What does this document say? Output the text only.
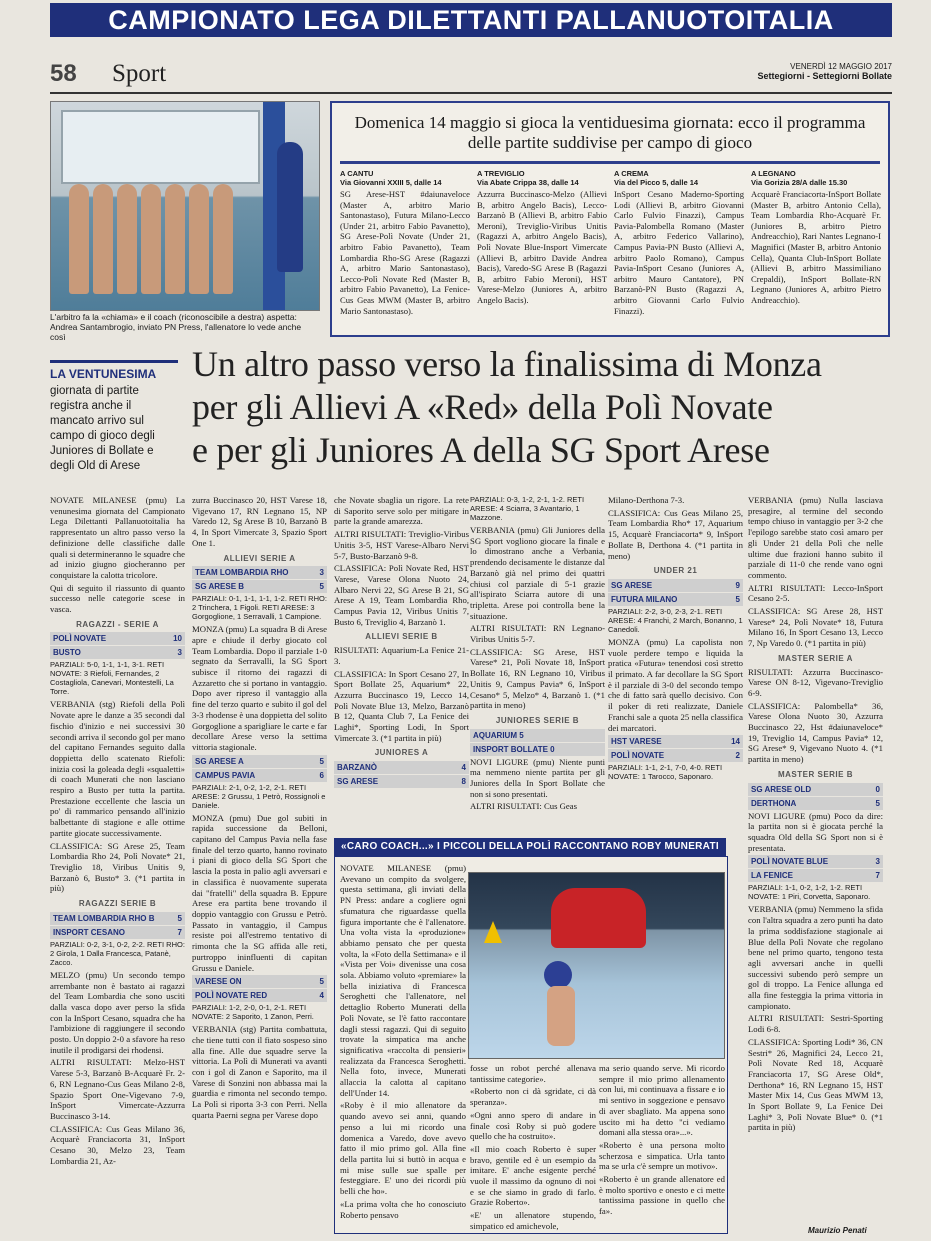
CAMPIONATO LEGA DILETTANTI PALLANUOTOITALIA
58 Sport	VENERDÌ 12 MAGGIO 2017
Settegiorni - Settegiorni Bollate
L'arbitro fa la «chiama» e il coach (riconoscibile a destra) aspetta: Andrea Santambrogio, inviato PN Press, l'allenatore lo vede anche così
Domenica 14 maggio si gioca la ventiduesima giornata: ecco il programma delle partite suddivise per campo di gioco
A CANTU
Via Giovanni XXIII 5, dalle 14
SG Arese-HST #daiunaveloce (Master A, arbitro Mario Santonastaso), Futura Milano-Lecco (Under 21, arbitro Fabio Pavanetto), SG Arese-Polì Novate (Under 21, arbitro Fabio Pavanetto), Team Lombardia Rho-SG Arese (Ragazzi A, arbitro Mario Santonastaso), Lecco-Polì Novate Red (Master B, arbitro Fabio Pavanetto), La Fenice-Cus Geas MWM (Master B, arbitro Mario Santonastaso).
A TREVIGLIO
Via Abate Crippa 38, dalle 14
Azzurra Buccinasco-Melzo (Allievi B, arbitro Angelo Bacis), Lecco-Barzanò B (Allievi B, arbitro Fabio Meroni), Treviglio-Viribus Unitis (Ragazzi A, arbitro Angelo Bacis), Polì Novate Blue-Insport Vimercate (Allievi B, arbitro Davide Andrea Bacis), Varedo-SG Arese B (Ragazzi B, arbitro Fabio Meroni), HST Varese-Melzo (Juniores A, arbitro Angelo Bacis).
A CREMA
Via del Picco 5, dalle 14
InSport Cesano Maderno-Sporting Lodi (Allievi B, arbitro Giovanni Carlo Fulvio Finazzi), Campus Pavia-Palombella Romano (Master A, arbitro Federico Vallarino), Campus Pavia-PN Busto (Allievi A, arbitro Paolo Romano), Campus Pavia-InSport Cesano (Juniores A, arbitro Mauro Cantatore), PN Barzanò-PN Busto (Ragazzi A, arbitro Giovanni Carlo Fulvio Finazzi).
A LEGNANO
Via Gorizia 28/A dalle 15.30
Acquarè Franciacorta-InSport Bollate (Master B, arbitro Antonio Cella), Team Lombardia Rho-Acquarè Fr. (Juniores B, arbitro Pietro Andreacchio), Rari Nantes Legnano-I Magnifici (Master B, arbitro Antonio Cella), Quanta Club-InSport Bollate (Allievi B, arbitro Massimiliano Crepaldi), InSport Bollate-RN Legnano (Juniores A, arbitro Pietro Andreacchio).
LA VENTUNESIMA
giornata di partite registra anche il mancato arrivo sul campo di gioco degli Juniores di Bollate e degli Old di Arese
Un altro passo verso la finalissima di Monza
per gli Allievi A «Red» della Polì Novate
e per gli Juniores A della SG Sport Arese

NOVATE MILANESE (pmu) La venunesima giornata del Campionato Lega Dilettanti Pallanuotoitalia ha rappresentato un altro passo verso la definizione delle classifiche dalle quali si determineranno le squadre che ad inizio giugno giocheranno per conquistare la calotta tricolore.

Qui di seguito il riassunto di quanto successo nelle categorie scese in vasca.

RAGAZZI - SERIE A
POLÌ NOVATE	10
BUSTO	3
PARZIALI: 5-0, 1-1, 1-1, 3-1. RETI NOVATE: 3 Riefoli, Fernandes, 2 Costagliola, Canevari, Montestelli, La Torre.

VERBANIA (stg) Riefoli della Polì Novate apre le danze a 35 secondi dal fischio d'inizio e nei successivi 30 secondi arriva il secondo gol per mano del capitano Fernandes seguito dalla doppietta dello scatenato Riefoli: inizia così la goleada degli «squaletti» di coach Munerati che non lasciano respiro a Busto per tutta la partita. Prestazione eccellente che lascia un po' di rammarico pensando all'inizio balbettante di stagione e alle ottime partite giocate successivamente.

CLASSIFICA: SG Arese 25, Team Lombardia Rho 24, Polì Novate* 21, Treviglio 18, Viribus Unitis 9, Barzanò 6, Busto* 3. (*1 partita in più)

RAGAZZI SERIE B
TEAM LOMBARDIA RHO B	5
INSPORT CESANO	7
PARZIALI: 0-2, 3-1, 0-2, 2-2. RETI RHO: 2 Girola, 1 Dalla Francesca, Patanè, Zacco.

MELZO (pmu) Un secondo tempo arrembante non è bastato ai ragazzi del Team Lombardia che sono usciti dalla vasca dopo aver perso la sfida con la InSport Cesano, squadra che ha l'ambizione di raggiungere il secondo posto. Un doppio 2-0 a sfavore ha reso inutile il prodigarsi dei rhodensi.

ALTRI RISULTATI: Melzo-HST Varese 5-3, Barzanò B-Acquarè Fr. 2-6, RN Legnano-Cus Geas Milano 2-8, Spazio Sport One-Vigevano 7-9, InSport Vimercate-Azzurra Buccinasco 3-14.

CLASSIFICA: Cus Geas Milano 36, Acquarè Franciacorta 31, InSport Cesano 30, Melzo 23, Team Lombardia 21, Az-

zurra Buccinasco 20, HST Varese 18, Vigevano 17, RN Legnano 15, NP Varedo 12, Sg Arese B 10, Barzanò B 4, In Sport Vimercate 3, Spazio Sport One 1.

ALLIEVI SERIE A
TEAM LOMBARDIA RHO	3
SG ARESE B	5
PARZIALI: 0-1, 1-1, 1-1, 1-2. RETI RHO: 2 Trinchera, 1 Figoli. RETI ARESE: 3 Gorgoglione, 1 Serravalli, 1 Campione.

MONZA (pmu) La squadra B di Arese apre e chiude il derby giocato col Team Lombardia. Dopo il parziale 1-0 segnato da Serravalli, la SG Sport subisce il ritorno dei ragazzi di Azzaretto che si portano in vantaggio. Dopo aver ripreso il vantaggio alla fine del terzo quarto e subito il gol del 3-3 rhodense è una doppietta del solito Gorgoglione a sparigliare le carte e far decollare Arese verso la settima vittoria stagionale.

SG ARESE A	5
CAMPUS PAVIA	6
PARZIALI: 2-1, 0-2, 1-2, 2-1. RETI ARESE: 2 Grussu, 1 Petrò, Rossignoli e Daniele.

MONZA (pmu) Due gol subiti in rapida successione da Belloni, capitano del Campus Pavia nella fase finale del terzo quarto, hanno rovinato i piani di gioco della SG Sport che lascia la posta in palio agli avversari e in classifica è nuovamente superata dai "fratelli" della squadra B. Eppure Arese era partita bene trovando il doppio vantaggio con Grussu e Petrò. Passato in vantaggio, il Campus resiste poi all'estremo tentativo di rimonta che la SG affida alle reti, purtroppo ininfluenti di capitan Grussu e Daniele.

VARESE ON	5
POLÌ NOVATE RED	4
PARZIALI: 1-2, 2-0, 0-1, 2-1. RETI NOVATE: 2 Saporito, 1 Zanon, Perri.

VERBANIA (stg) Partita combattuta, che tiene tutti con il fiato sospeso sino alla fine. Alle due squadre serve la vittoria. La Polì di Munerati va avanti con i gol di Zanon e Saporito, ma il Varese di Sonzini non abbassa mai la guardia e rimonta nel secondo tempo. La Polì si riporta 3-3 con Perri. Nella quarta Paerni segna per Varese dopo

che Novate sbaglia un rigore. La rete di Saporito serve solo per mitigare in parte la grande amarezza.

ALTRI RISULTATI: Treviglio-Viribus Unitis 3-5, HST Varese-Albaro Nervi 5-7, Busto-Barzanò 9-8.

CLASSIFICA: Polì Novate Red, HST Varese, Varese Olona Nuoto 24, Albaro Nervi 22, SG Arese B 21, SG Arese A 19, Team Lombardia Rho, Campus Pavia 12, Viribus Unitis 7, Busto 6, Treviglio 4, Barzanò 1.

ALLIEVI SERIE B

RISULTATI: Aquarium-La Fenice 21-3.

CLASSIFICA: In Sport Cesano 27, In Sport Bollate 25, Aquarium* 22, Azzurra Buccinasco 19, Lecco 14, Polì Novate Blue 13, Melzo, Barzanò B 12, Quanta Club 7, La Fenice dei Laghi*, Sporting Lodi, In Sport Vimercate 3. (*1 partita in più)

JUNIORES A
BARZANÒ	4
SG ARESE	8
PARZIALI: 0-3, 1-2, 2-1, 1-2. RETI ARESE: 4 Sciarra, 3 Avantario, 1 Mazzone.

VERBANIA (pmu) Gli Juniores della SG Sport vogliono giocare la finale e lo dimostrano anche a Verbania, prendendo decisamente le distanze dal Barzanò già nel primo dei quattri chiusi col parziale di 5-1 grazie all'ispirato Sciarra autore di una tripletta. Arese poi controlla bene la situazione.

ALTRI RISULTATI: RN Legnano-Viribus Unitis 5-7.

CLASSIFICA: SG Arese, HST Varese* 21, Polì Novate 18, InSport Bollate 16, RN Legnano 10, Viribus Unitis 9, Campus Pavia* 6, InSport Cesano* 5, Melzo* 4, Barzanò 1. (*1 partita in meno)

JUNIORES SERIE B
AQUARIUM 5
INSPORT BOLLATE 0

NOVI LIGURE (pmu) Niente punti ma nemmeno niente partita per gli Juniores della In Sport Bollate che non si sono presentati.

ALTRI RISULTATI: Cus Geas

Milano-Derthona 7-3.

CLASSIFICA: Cus Geas Milano 25, Team Lombardia Rho* 17, Aquarium 15, Acquarè Franciacorta* 9, InSport Bollate B, Derthona 4. (*1 partita in meno)

UNDER 21
SG ARESE	9
FUTURA MILANO	5
PARZIALI: 2-2, 3-0, 2-3, 2-1. RETI ARESE: 4 Franchi, 2 March, Bonanno, 1 Canedoli.

MONZA (pmu) La capolista non vuole perdere tempo e liquida la pratica «Futura» tenendosi così stretto il primato. A far decollare la SG Sport è il parziale di 3-0 del secondo tempo che di fatto sarà quello decisivo. Con il poker di reti realizzate, Daniele Franchi sale a quota 25 nella classifica dei marcatori.

HST VARESE	14
POLÌ NOVATE	2
PARZIALI: 1-1, 2-1, 7-0, 4-0. RETI NOVATE: 1 Tarocco, Saponaro.

VERBANIA (pmu) Nulla lasciava presagire, al termine del secondo tempo chiuso in vantaggio per 3-2 che l'epilogo sarebbe stato così amaro per gli Under 21 della Polì che nelle ultime due frazioni hanno subito il parziale di 11-0 che rende vano ogni commento.

ALTRI RISULTATI: Lecco-InSport Cesano 2-5.

CLASSIFICA: SG Arese 28, HST Varese* 24, Polì Novate* 18, Futura Milano 16, In Sport Cesano 13, Lecco 7, Np Varedo 0. (*1 partita in più)

MASTER SERIE A

RISULTATI: Azzurra Buccinasco-Varese ON 8-12, Vigevano-Treviglio 6-9.

CLASSIFICA: Palombella* 36, Varese Olona Nuoto 30, Azzurra Buccinasco 22, Hst #daiunaveloce* 19, Treviglio 14, Campus Pavia* 12, SG Arese* 9, Vigevano Nuoto 4. (*1 partita in meno)

MASTER SERIE B
SG ARESE OLD	0
DERTHONA	5

NOVI LIGURE (pmu) Poco da dire: la partita non si è giocata perché la squadra Old della SG Sport non si è presentata.

POLÌ NOVATE BLUE	3
LA FENICE	7
PARZIALI: 1-1, 0-2, 1-2, 1-2. RETI NOVATE: 1 Piri, Corvetta, Saponaro.

VERBANIA (pmu) Nemmeno la sfida con l'altra squadra a zero punti ha dato la prima soddisfazione stagionale ai Blue della Polì Novate che regolano bene nel primo quarto, tengono testa agli avversari anche in quelli successivi subendo però sempre un gol di troppo. La Fenice allunga ed alla fine festeggia la prima vittoria in campionato.

ALTRI RISULTATI: Sestri-Sporting Lodi 6-8.

CLASSIFICA: Sporting Lodi* 36, CN Sestri* 26, Magnifici 24, Lecco 21, Polì Novate Red 18, Acquarè Franciacorta 17, SG Arese Old*, Derthona* 16, RN Legnano 15, HST Master Mix 14, Cus Geas MWM 13, In Sport Bollate 9, La Fenice Dei Laghi* 3, Polì Novate Blue* 0. (*1 partita in più)

«CARO COACH...» I PICCOLI DELLA POLÌ RACCONTANO ROBY MUNERATI

NOVATE MILANESE (pmu) Avevano un compito da svolgere, questa settimana, gli inviati della PN Press: andare a cogliere ogni sfumatura che riguardasse quella figura importante che è l'allenatore. Una volta vista la «produzione» abbiamo pensato che per questa volta, la «Foto della Settimana» e il «Vista per Voi» divenisse una cosa sola. Abbiamo voluto «premiare» la bella iniziativa di Francesca Seroghetti che l'allenatore, nel dettaglio Roberto Munerati della Polì Novate, se l'è fatto raccontare dagli stessi ragazzi. Qui di seguito trovate la simpatica ma anche significativa «raccolta di pensieri» realizzata da Francesca Seroghetti. Nella foto, invece, Munerati allaccia la calotta al capitano dell'Under 14.

«Roby è il mio allenatore da quando avevo sei anni, quando penso a lui mi ricordo una domenica a Varedo, dove avevo fatto il mio primo gol. Alla fine della partita lui si buttò in acqua e mi mise sulle sue spalle per festeggiare. E' uno dei ricordi più belli che ho».

«La prima volta che ho conosciuto Roberto pensavo

fosse un robot perché allenava tantissime categorie».

«Roberto non ci dà sgridate, ci dà speranza».

«Ogni anno spero di andare in finale così Roby si può godere quello che ha costruito».

«Il mio coach Roberto è super bravo, gentile ed è un esempio da imitare. E' anche esigente perché vuole il massimo da ognuno di noi e se che siamo in grado di farlo. Grazie Roberto».

«E' un allenatore stupendo, simpatico ed amichevole,

ma serio quando serve. Mi ricordo sempre il mio primo allenamento con lui, mi continuava a fissare e io mi sentivo in soggezione e pensavo di aver sbagliato. Ma appena sono uscito mi ha detto "ci vediamo domani alla stessa ora»...».

«Roberto è una persona molto scherzosa e simpatica. Urla tanto ma se urla c'è sempre un motivo».

«Roberto è un grande allenatore ed è molto sportivo e onesto e ci mette tantissima passione in quello che fa».

Maurizio Penati
